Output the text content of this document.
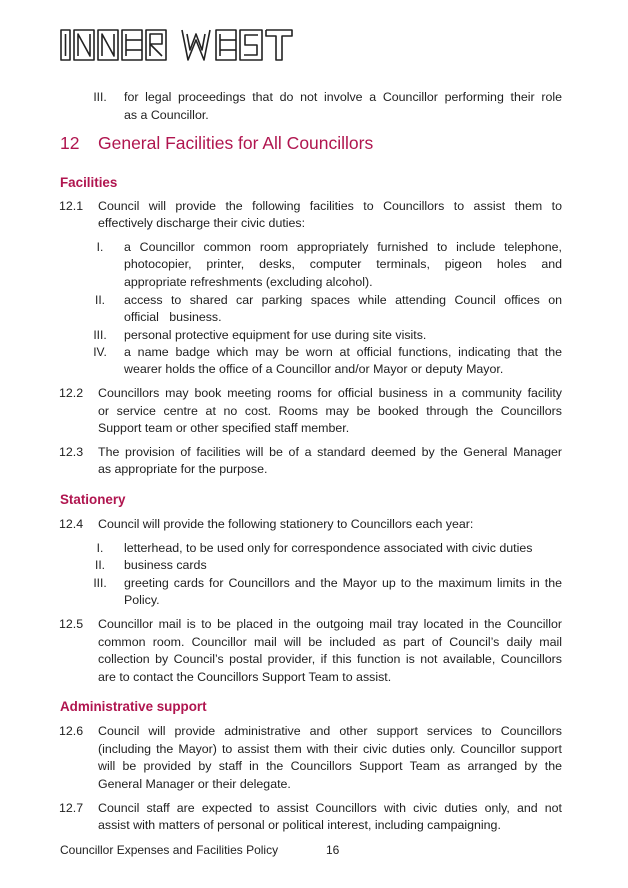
III.	for legal proceedings that do not involve a Councillor performing their role
as a Councillor.
12 General Facilities for All Councillors
Facilities
12.1 Council will provide the following facilities to Councillors to assist them to
effectively discharge their civic duties:
I.	a Councillor common room appropriately furnished to include telephone,
photocopier, printer, desks, computer terminals, pigeon holes and
appropriate refreshments (excluding alcohol).
II.	access to shared car parking spaces while attending Council offices on
official   business.
III.	personal protective equipment for use during site visits.
IV.	a name badge which may be worn at official functions, indicating that the
wearer holds the office of a Councillor and/or Mayor or deputy Mayor.
12.2 Councillors may book meeting rooms for official business in a community facility
or service centre at no cost. Rooms may be booked through the Councillors
Support team or other specified staff member.
12.3 The provision of facilities will be of a standard deemed by the General Manager
as appropriate for the purpose.
Stationery
12.4 Council will provide the following stationery to Councillors each year:
I.	letterhead, to be used only for correspondence associated with civic duties
II.	business cards
III.	greeting cards for Councillors and the Mayor up to the maximum limits in the
Policy.
12.5 Councillor mail is to be placed in the outgoing mail tray located in the Councillor
common room. Councillor mail will be included as part of Council’s daily mail
collection by Council’s postal provider, if this function is not available, Councillors
are to contact the Councillors Support Team to assist.
Administrative support
12.6 Council will provide administrative and other support services to Councillors
(including the Mayor) to assist them with their civic duties only. Councillor support
will be provided by staff in the Councillors Support Team as arranged by the
General Manager or their delegate.
12.7 Council staff are expected to assist Councillors with civic duties only, and not
assist with matters of personal or political interest, including campaigning.
Councillor Expenses and Facilities Policy	16
